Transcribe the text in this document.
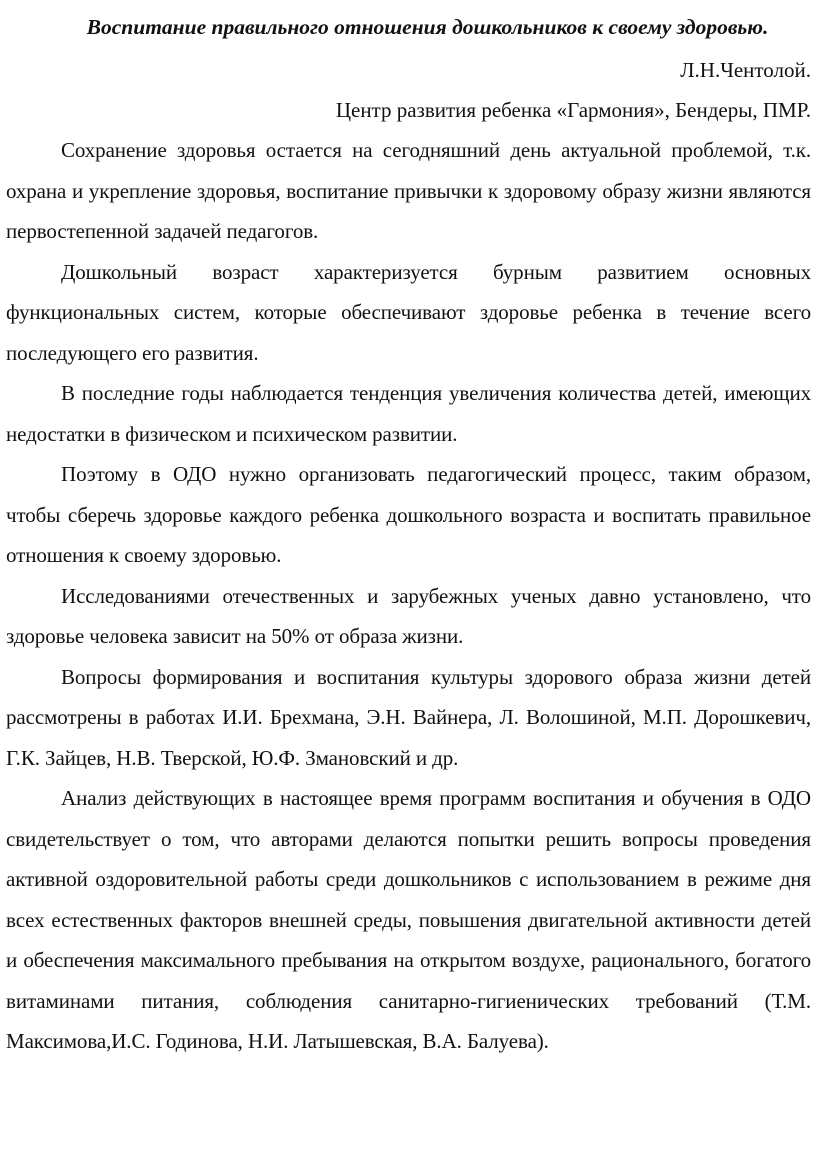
Воспитание правильного отношения дошкольников к своему здоровью.

Л.Н.Чентолой.

Центр развития ребенка «Гармония», Бендеры, ПМР.

Сохранение здоровья остается на сегодняшний день актуальной проблемой, т.к. охрана и укрепление здоровья, воспитание привычки к здоровому образу жизни являются первостепенной задачей педагогов.

Дошкольный возраст характеризуется бурным развитием основных функциональных систем, которые обеспечивают здоровье ребенка в течение всего последующего его развития.

В последние годы наблюдается тенденция увеличения количества детей, имеющих недостатки в физическом и психическом развитии.

Поэтому в ОДО нужно организовать педагогический процесс, таким образом, чтобы сберечь здоровье каждого ребенка дошкольного возраста и воспитать правильное отношения к своему здоровью.

Исследованиями отечественных и зарубежных ученых давно установлено, что здоровье человека зависит на 50% от образа жизни.

Вопросы формирования и воспитания культуры здорового образа жизни детей рассмотрены в работах И.И. Брехмана, Э.Н. Вайнера, Л. Волошиной, М.П. Дорошкевич, Г.К. Зайцев, Н.В. Тверской, Ю.Ф. Змановский и др.

Анализ действующих в настоящее время программ воспитания и обучения в ОДО свидетельствует о том, что авторами делаются попытки решить вопросы проведения активной оздоровительной работы среди дошкольников с использованием в режиме дня всех естественных факторов внешней среды, повышения двигательной активности детей и обеспечения максимального пребывания на открытом воздухе, рационального, богатого витаминами питания, соблюдения санитарно-гигиенических требований (Т.М. Максимова,И.С. Годинова, Н.И. Латышевская, В.А. Балуева).
